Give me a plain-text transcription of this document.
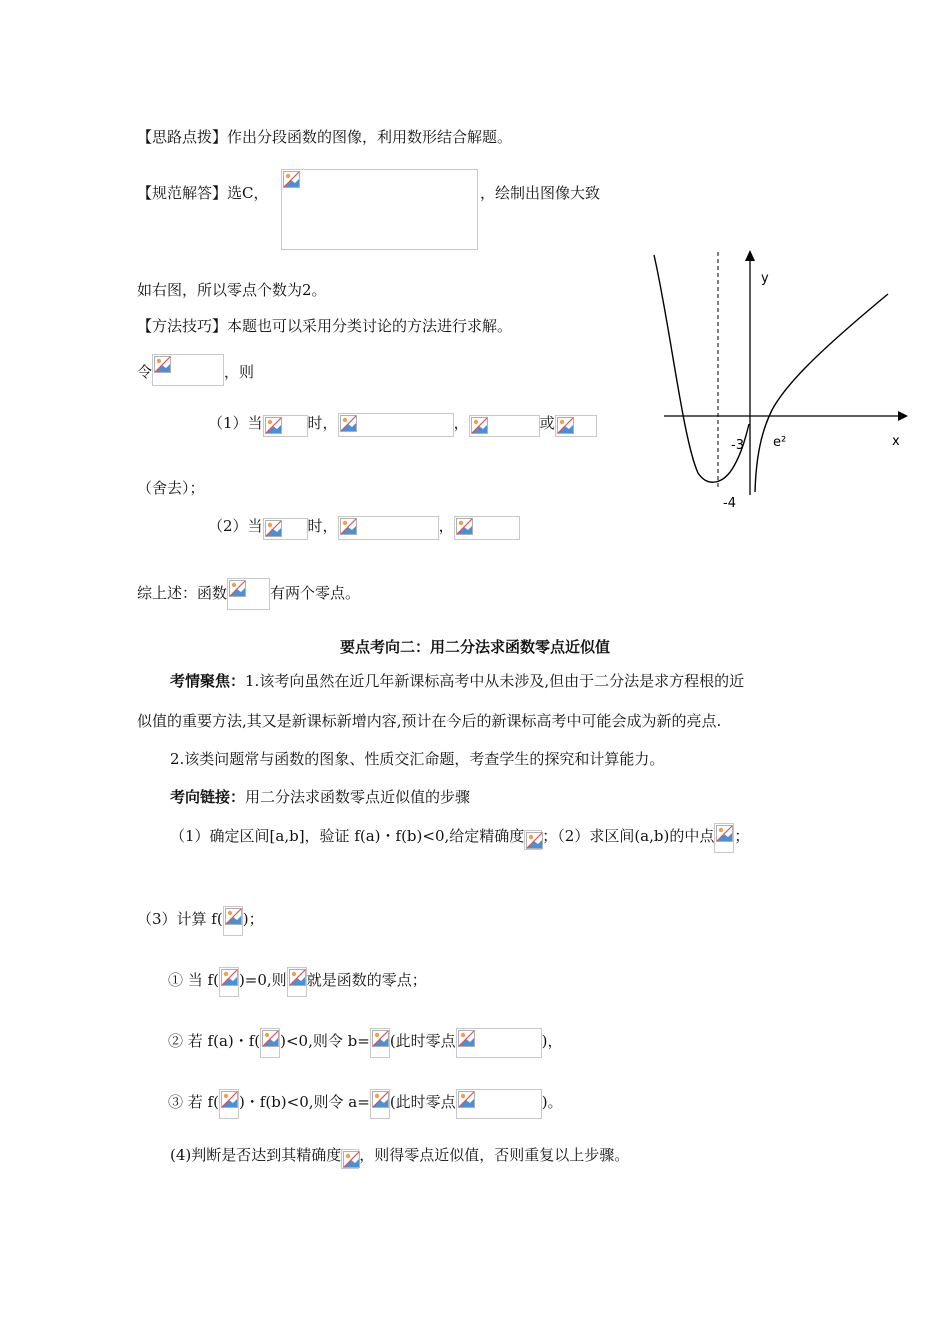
【思路点拨】作出分段函数的图像，利用数形结合解题。
【规范解答】选C，	，绘制出图像大致
如右图，所以零点个数为2。
【方法技巧】本题也可以采用分类讨论的方法进行求解。
令	，则
（1）当	时，	，	或
（舍去）；
（2）当	时，	，
综上述：函数	有两个零点。
y
x
-3 e²
-4
要点考向二：用二分法求函数零点近似值
考情聚焦：1.该考向虽然在近几年新课标高考中从未涉及,但由于二分法是求方程根的近
似值的重要方法,其又是新课标新增内容,预计在今后的新课标高考中可能会成为新的亮点.
2.该类问题常与函数的图象、性质交汇命题，考查学生的探究和计算能力。
考向链接：用二分法求函数零点近似值的步骤
（1）确定区间[a,b]，验证 f(a)・f(b)<0,给定精确度 ；（2）求区间(a,b)的中点 ；
（3）计算 f( )；
① 当 f( )=0,则 就是函数的零点；
② 若 f(a)・f( )<0,则令 b= (此时零点	)，
③ 若 f( )・f(b)<0,则令 a= (此时零点	)。
(4)判断是否达到其精确度 ，则得零点近似值，否则重复以上步骤。
